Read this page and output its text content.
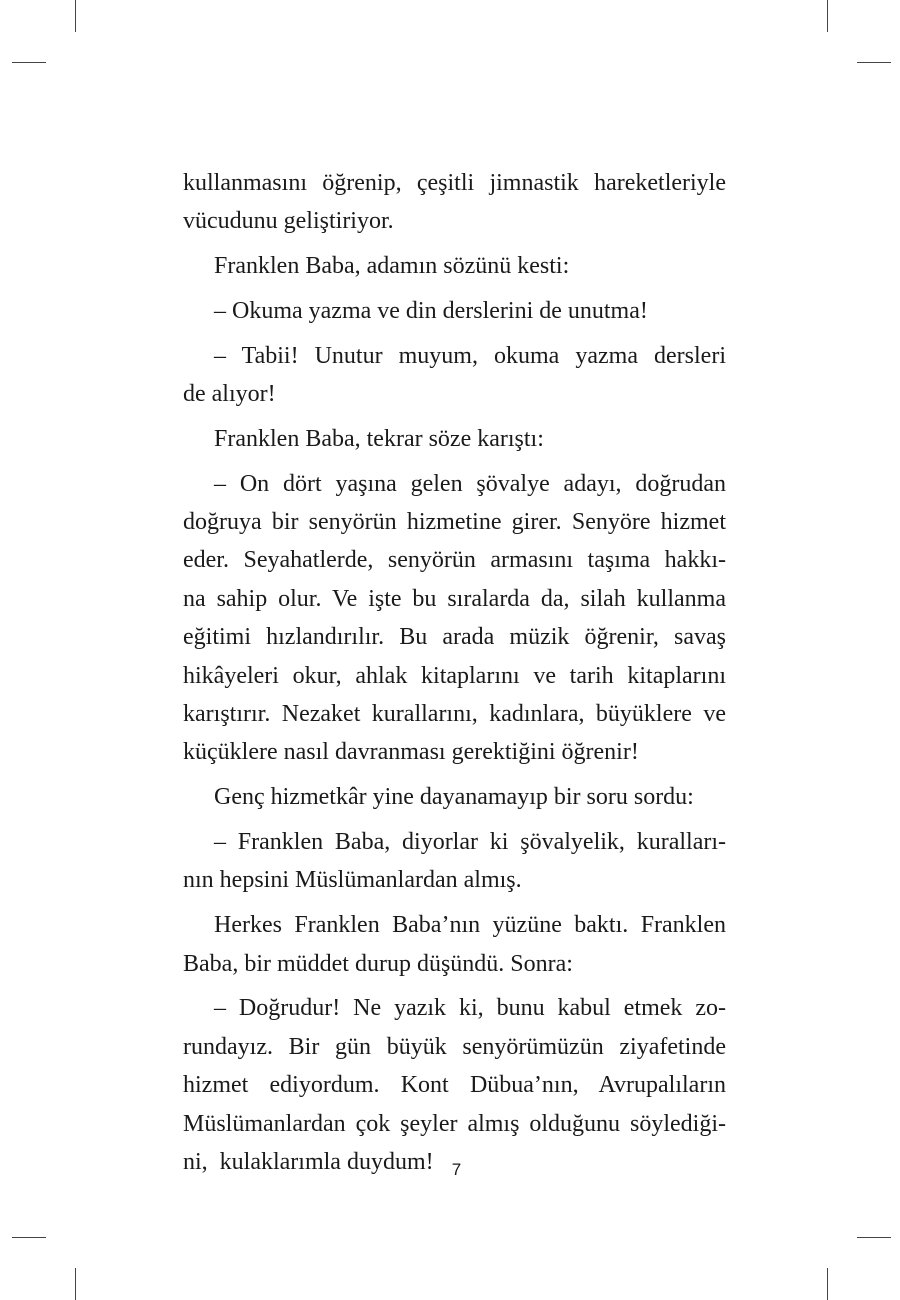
kullanmasını öğrenip, çeşitli jimnastik hareketleriyle
vücudunu geliştiriyor.
Franklen Baba, adamın sözünü kesti:
– Okuma yazma ve din derslerini de unutma!
– Tabii! Unutur muyum, okuma yazma dersleri
de alıyor!
Franklen Baba, tekrar söze karıştı:
– On dört yaşına gelen şövalye adayı, doğrudan
doğruya bir senyörün hizmetine girer. Senyöre hizmet
eder. Seyahatlerde, senyörün armasını taşıma hakkı-
na sahip olur. Ve işte bu sıralarda da, silah kullanma
eğitimi hızlandırılır. Bu arada müzik öğrenir, savaş
hikâyeleri okur, ahlak kitaplarını ve tarih kitaplarını
karıştırır. Nezaket kurallarını, kadınlara, büyüklere ve
küçüklere nasıl davranması gerektiğini öğrenir!
Genç hizmetkâr yine dayanamayıp bir soru sordu:
– Franklen Baba, diyorlar ki şövalyelik, kuralları-
nın hepsini Müslümanlardan almış.
Herkes Franklen Baba’nın yüzüne baktı. Franklen
Baba, bir müddet durup düşündü. Sonra:
– Doğrudur! Ne yazık ki, bunu kabul etmek zo-
rundayız. Bir gün büyük senyörümüzün ziyafetinde
hizmet ediyordum. Kont Dübua’nın, Avrupalıların
Müslümanlardan çok şeyler almış olduğunu söylediği-
ni,  kulaklarımla duydum!	7
